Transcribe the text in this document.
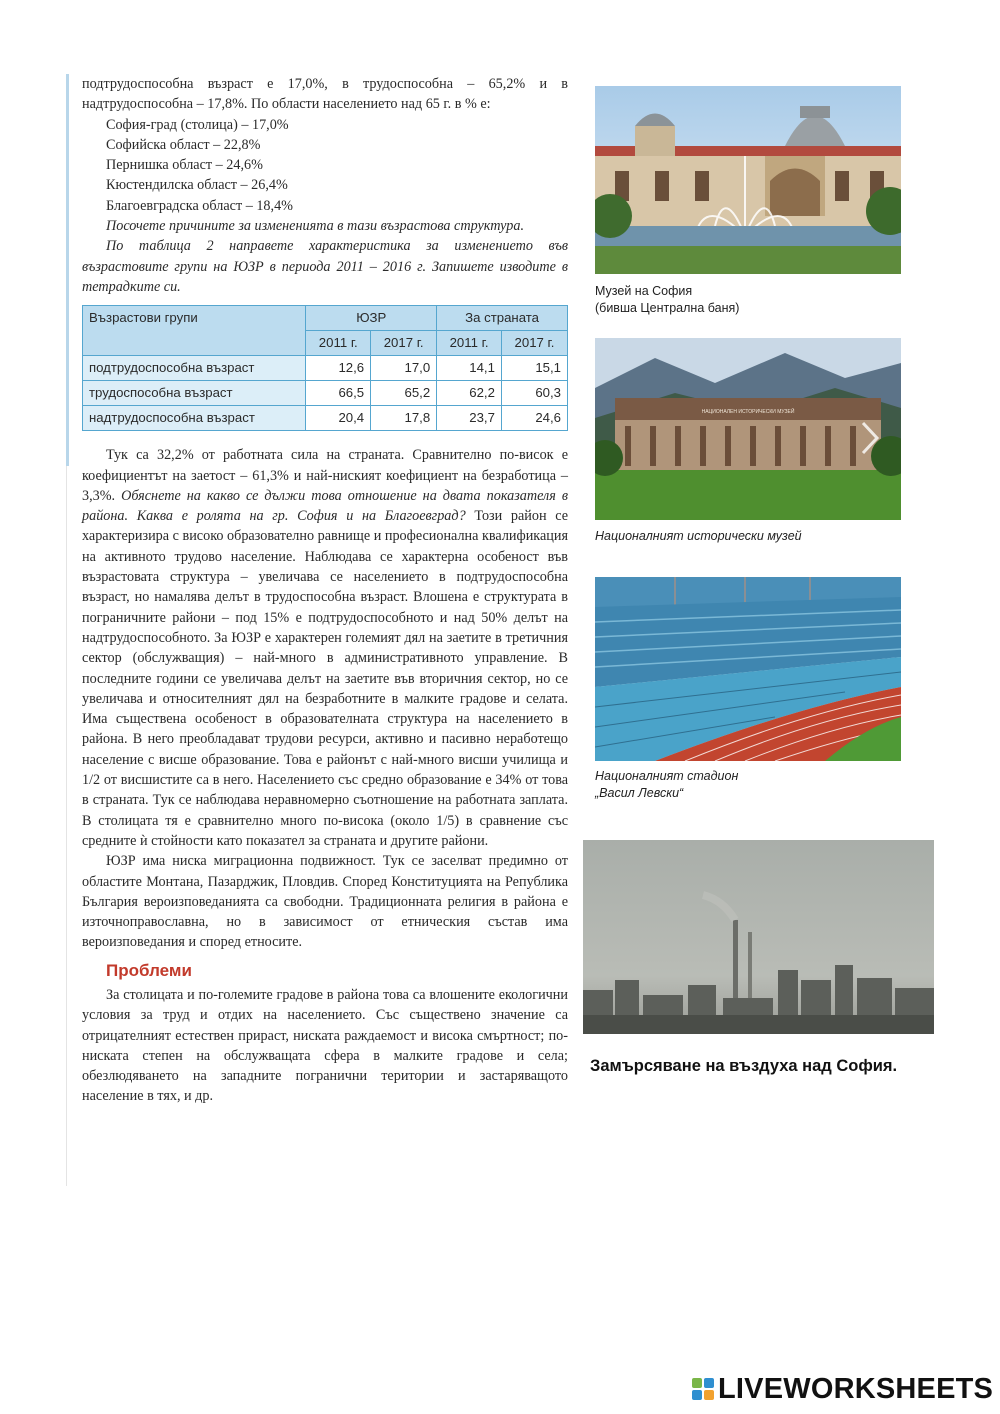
подтрудоспособна възраст е 17,0%, в трудоспособна – 65,2% и в надтрудоспособна – 17,8%. По области населението над 65 г. в % е:

София-град (столица) – 17,0%

Софийска област – 22,8%

Пернишка област – 24,6%

Кюстендилска област – 26,4%

Благоевградска област – 18,4%

Посочете причините за измененията в тази възрастова структура.

По таблица 2 направете характеристика за изменението във възрастовите групи на ЮЗР в периода 2011 – 2016 г. Запишете изводите в тетрадките си.

Възрастови групи	ЮЗР		За страната	
	2011 г.	2017 г.	2011 г.	2017 г.
подтрудоспособна възраст	12,6	17,0	14,1	15,1
трудоспособна възраст	66,5	65,2	62,2	60,3
надтрудоспособна възраст	20,4	17,8	23,7	24,6

Тук са 32,2% от работната сила на страната. Сравнително по-висок е коефициентът на заетост – 61,3% и най-ниският коефициент на безработица – 3,3%. Обяснете на какво се дължи това отношение на двата показателя в района. Каква е ролята на гр. София и на Благоевград? Този район се характеризира с високо образователно равнище и професионална квалификация на активното трудово население. Наблюдава се характерна особеност във възрастовата структура – увеличава се населението в подтрудоспособна възраст, но намалява делът в трудоспособна възраст. Влошена е структурата в пограничните райони – под 15% е подтрудоспособното и над 50% делът на надтрудоспособното. За ЮЗР е характерен големият дял на заетите в третичния сектор (обслужващия) – най-много в административното управление. В последните години се увеличава делът на заетите във вторичния сектор, но се увеличава и относителният дял на безработните в малките градове и селата. Има съществена особеност в образователната структура на населението в района. В него преобладават трудови ресурси, активно и пасивно неработещо население с висше образование. Това е районът с най-много висши училища и 1/2 от висшистите са в него. Населението със средно образование е 34% от това в страната. Тук се наблюдава неравномерно съотношение на работната заплата. В столицата тя е сравнително много по-висока (около 1/5) в сравнение със средните ѝ стойности като показател за страната и другите райони.

ЮЗР има ниска миграционна подвижност. Тук се заселват предимно от областите Монтана, Пазарджик, Пловдив. Според Конституцията на Република България вероизповеданията са свободни. Традиционната религия в района е източноправославна, но в зависимост от етническия състав има вероизповедания и според етносите.

Проблеми

За столицата и по-големите градове в района това са влошените екологични условия за труд и отдих на населението. Със съществено значение са отрицателният естествен прираст, ниската раждаемост и висока смъртност; по-ниската степен на обслужващата сфера в малките градове и села; обезлюдяването на западните погранични територии и застаряващото население в тях, и др.

Музей на София
(бивша Централна баня)
НАЦИОНАЛЕН ИСТОРИЧЕСКИ МУЗЕЙ
Националният исторически музей
Националният стадион
„Васил Левски“
Замърсяване на въздуха над София.
LIVEWORKSHEETS
